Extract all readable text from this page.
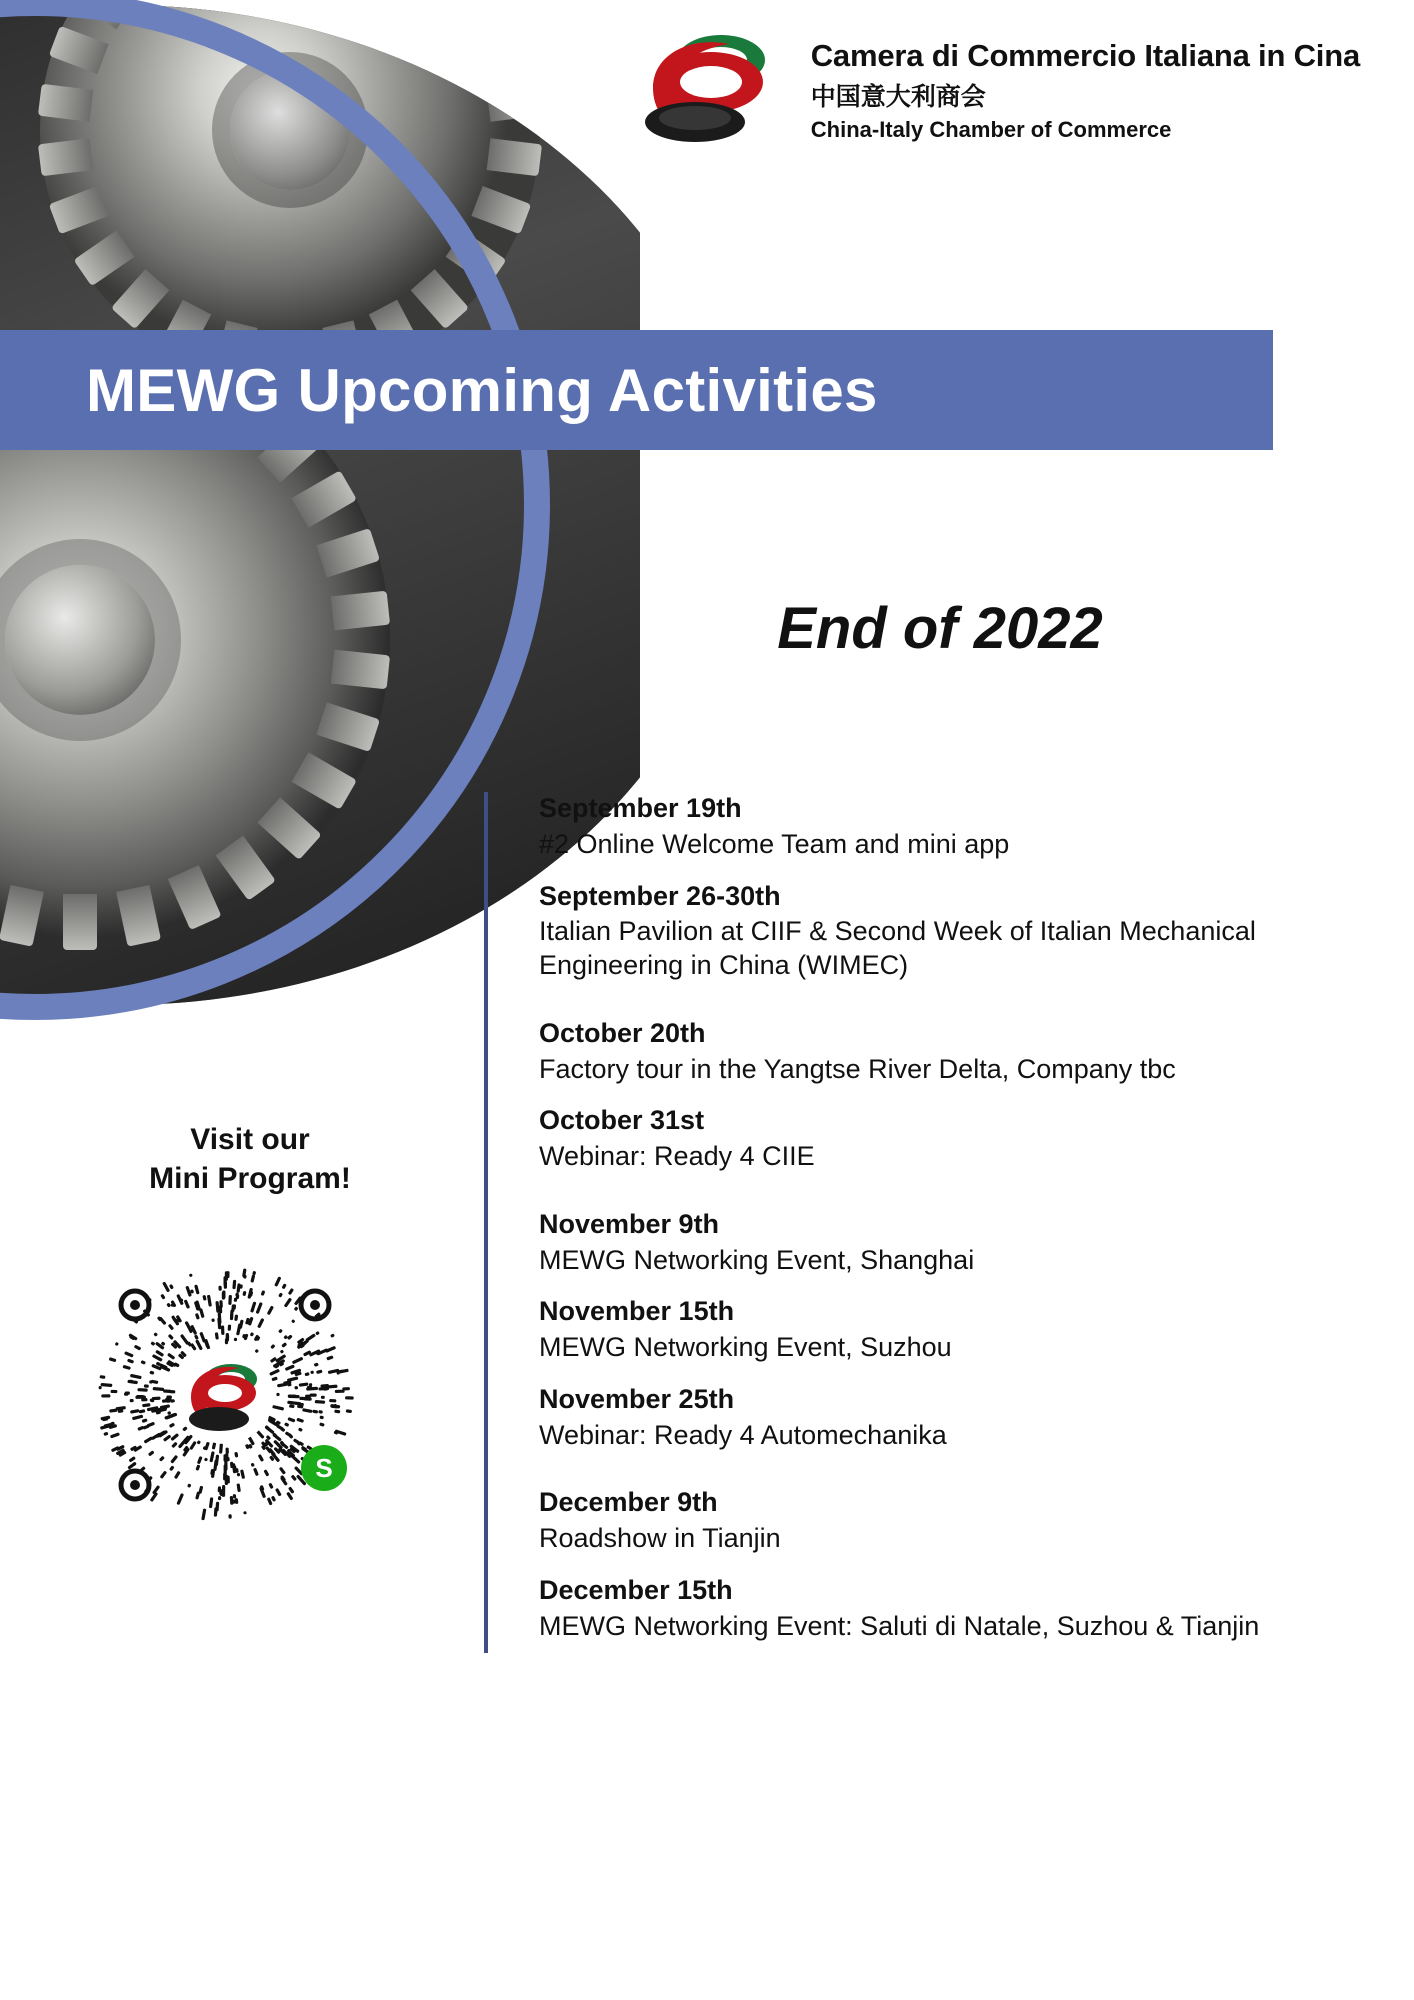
Camera di Commercio Italiana in Cina
中国意大利商会
China-Italy Chamber of Commerce
MEWG Upcoming Activities
End of 2022
September 19th
#2 Online Welcome Team and mini app
September 26-30th
Italian Pavilion at CIIF & Second Week of Italian Mechanical Engineering in China (WIMEC)
October 20th
Factory tour in the Yangtse River Delta, Company tbc
October 31st
Webinar: Ready 4 CIIE
November 9th
MEWG Networking Event, Shanghai
November 15th
MEWG Networking Event, Suzhou
November 25th
Webinar: Ready 4 Automechanika
December 9th
Roadshow in Tianjin
December 15th
MEWG Networking Event: Saluti di Natale, Suzhou & Tianjin
Visit our
Mini Program!
S
